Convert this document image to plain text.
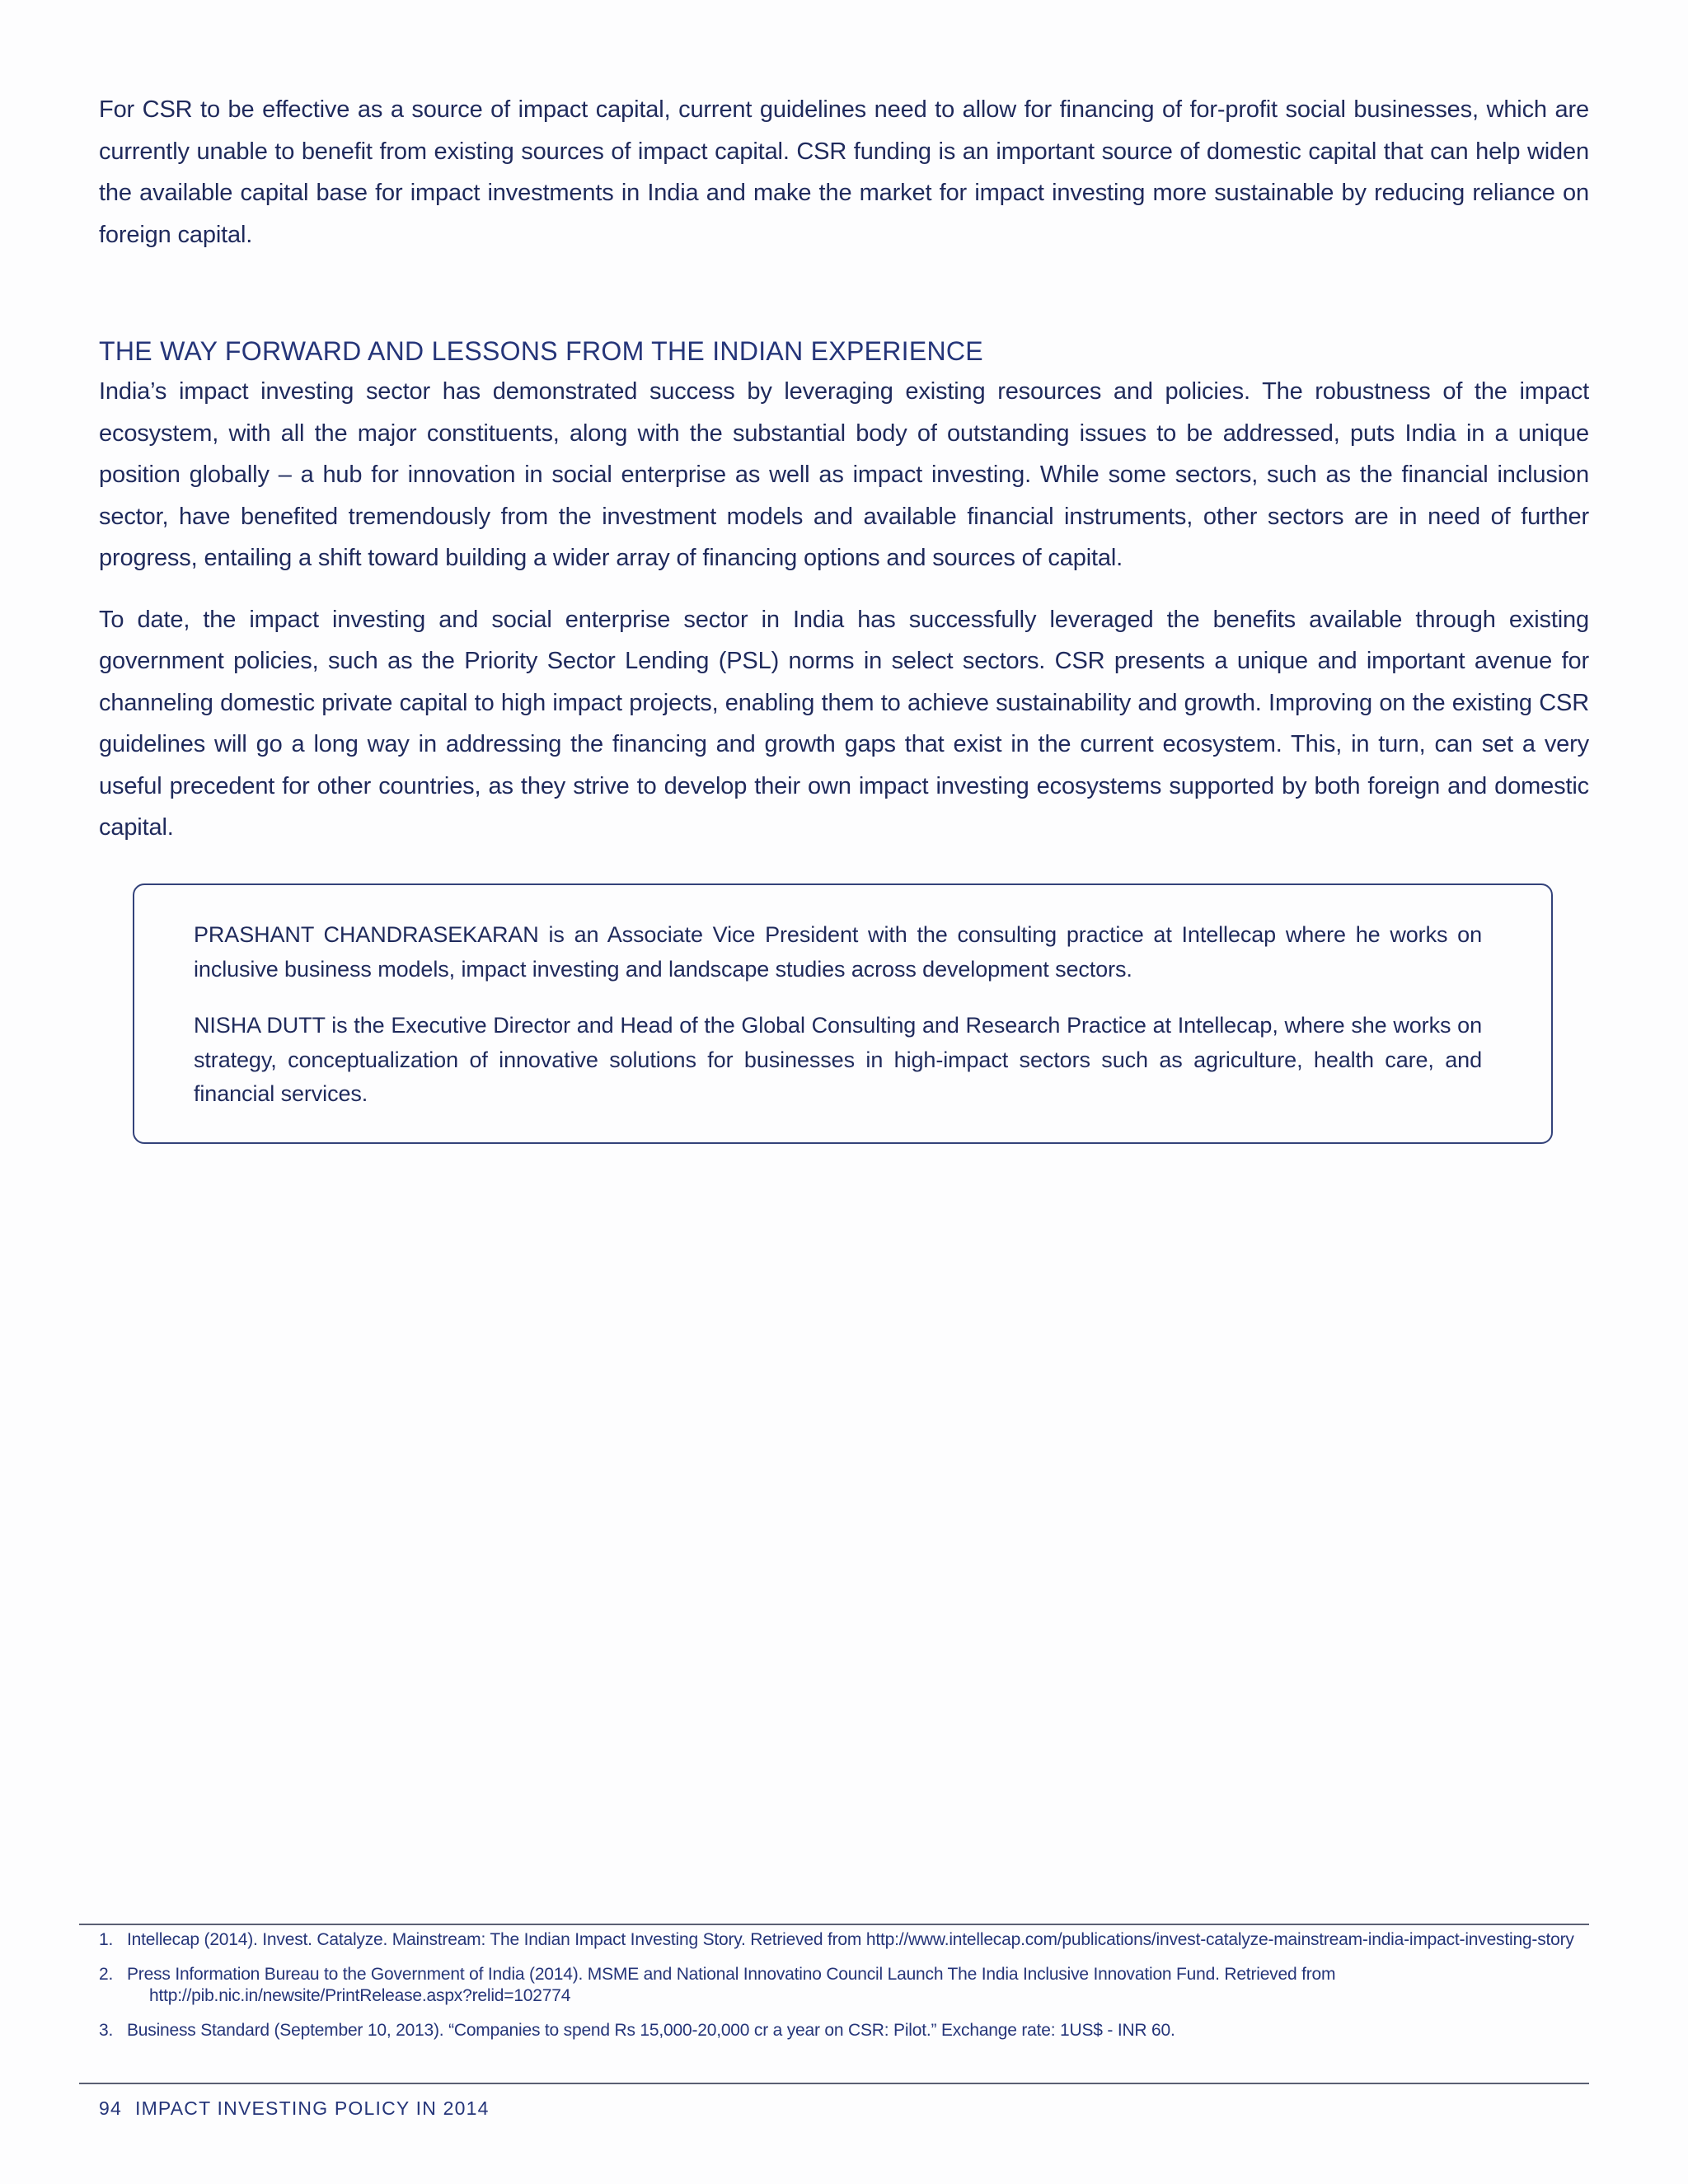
For CSR to be effective as a source of impact capital, current guidelines need to allow for financing of for-profit social businesses, which are currently unable to benefit from existing sources of impact capital. CSR funding is an important source of domestic capital that can help widen the available capital base for impact investments in India and make the market for impact investing more sustainable by reducing reliance on foreign capital.

THE WAY FORWARD AND LESSONS FROM THE INDIAN EXPERIENCE

India’s impact investing sector has demonstrated success by leveraging existing resources and policies. The robustness of the impact ecosystem, with all the major constituents, along with the substantial body of outstanding issues to be addressed, puts India in a unique position globally – a hub for innovation in social enterprise as well as impact investing. While some sectors, such as the financial inclusion sector, have benefited tremendously from the investment models and available financial instruments, other sectors are in need of further progress, entailing a shift toward building a wider array of financing options and sources of capital.

To date, the impact investing and social enterprise sector in India has successfully leveraged the benefits available through existing government policies, such as the Priority Sector Lending (PSL) norms in select sectors. CSR presents a unique and important avenue for channeling domestic private capital to high impact projects, enabling them to achieve sustainability and growth. Improving on the existing CSR guidelines will go a long way in addressing the financing and growth gaps that exist in the current ecosystem. This, in turn, can set a very useful precedent for other countries, as they strive to develop their own impact investing ecosystems supported by both foreign and domestic capital.

PRASHANT CHANDRASEKARAN is an Associate Vice President with the consulting practice at Intellecap where he works on inclusive business models, impact investing and landscape studies across development sectors.

NISHA DUTT is the Executive Director and Head of the Global Consulting and Research Practice at Intellecap, where she works on strategy, conceptualization of innovative solutions for businesses in high-impact sectors such as agriculture, health care, and financial services.

1. Intellecap (2014). Invest. Catalyze. Mainstream: The Indian Impact Investing Story. Retrieved from http://www.intellecap.com/publications/invest-catalyze-mainstream-india-impact-investing-story
2. Press Information Bureau to the Government of India (2014). MSME and National Innovatino Council Launch The India Inclusive Innovation Fund. Retrieved from http://pib.nic.in/newsite/PrintRelease.aspx?relid=102774
3. Business Standard (September 10, 2013). “Companies to spend Rs 15,000-20,000 cr a year on CSR: Pilot.” Exchange rate: 1US$ - INR 60.
94 IMPACT INVESTING POLICY IN 2014
